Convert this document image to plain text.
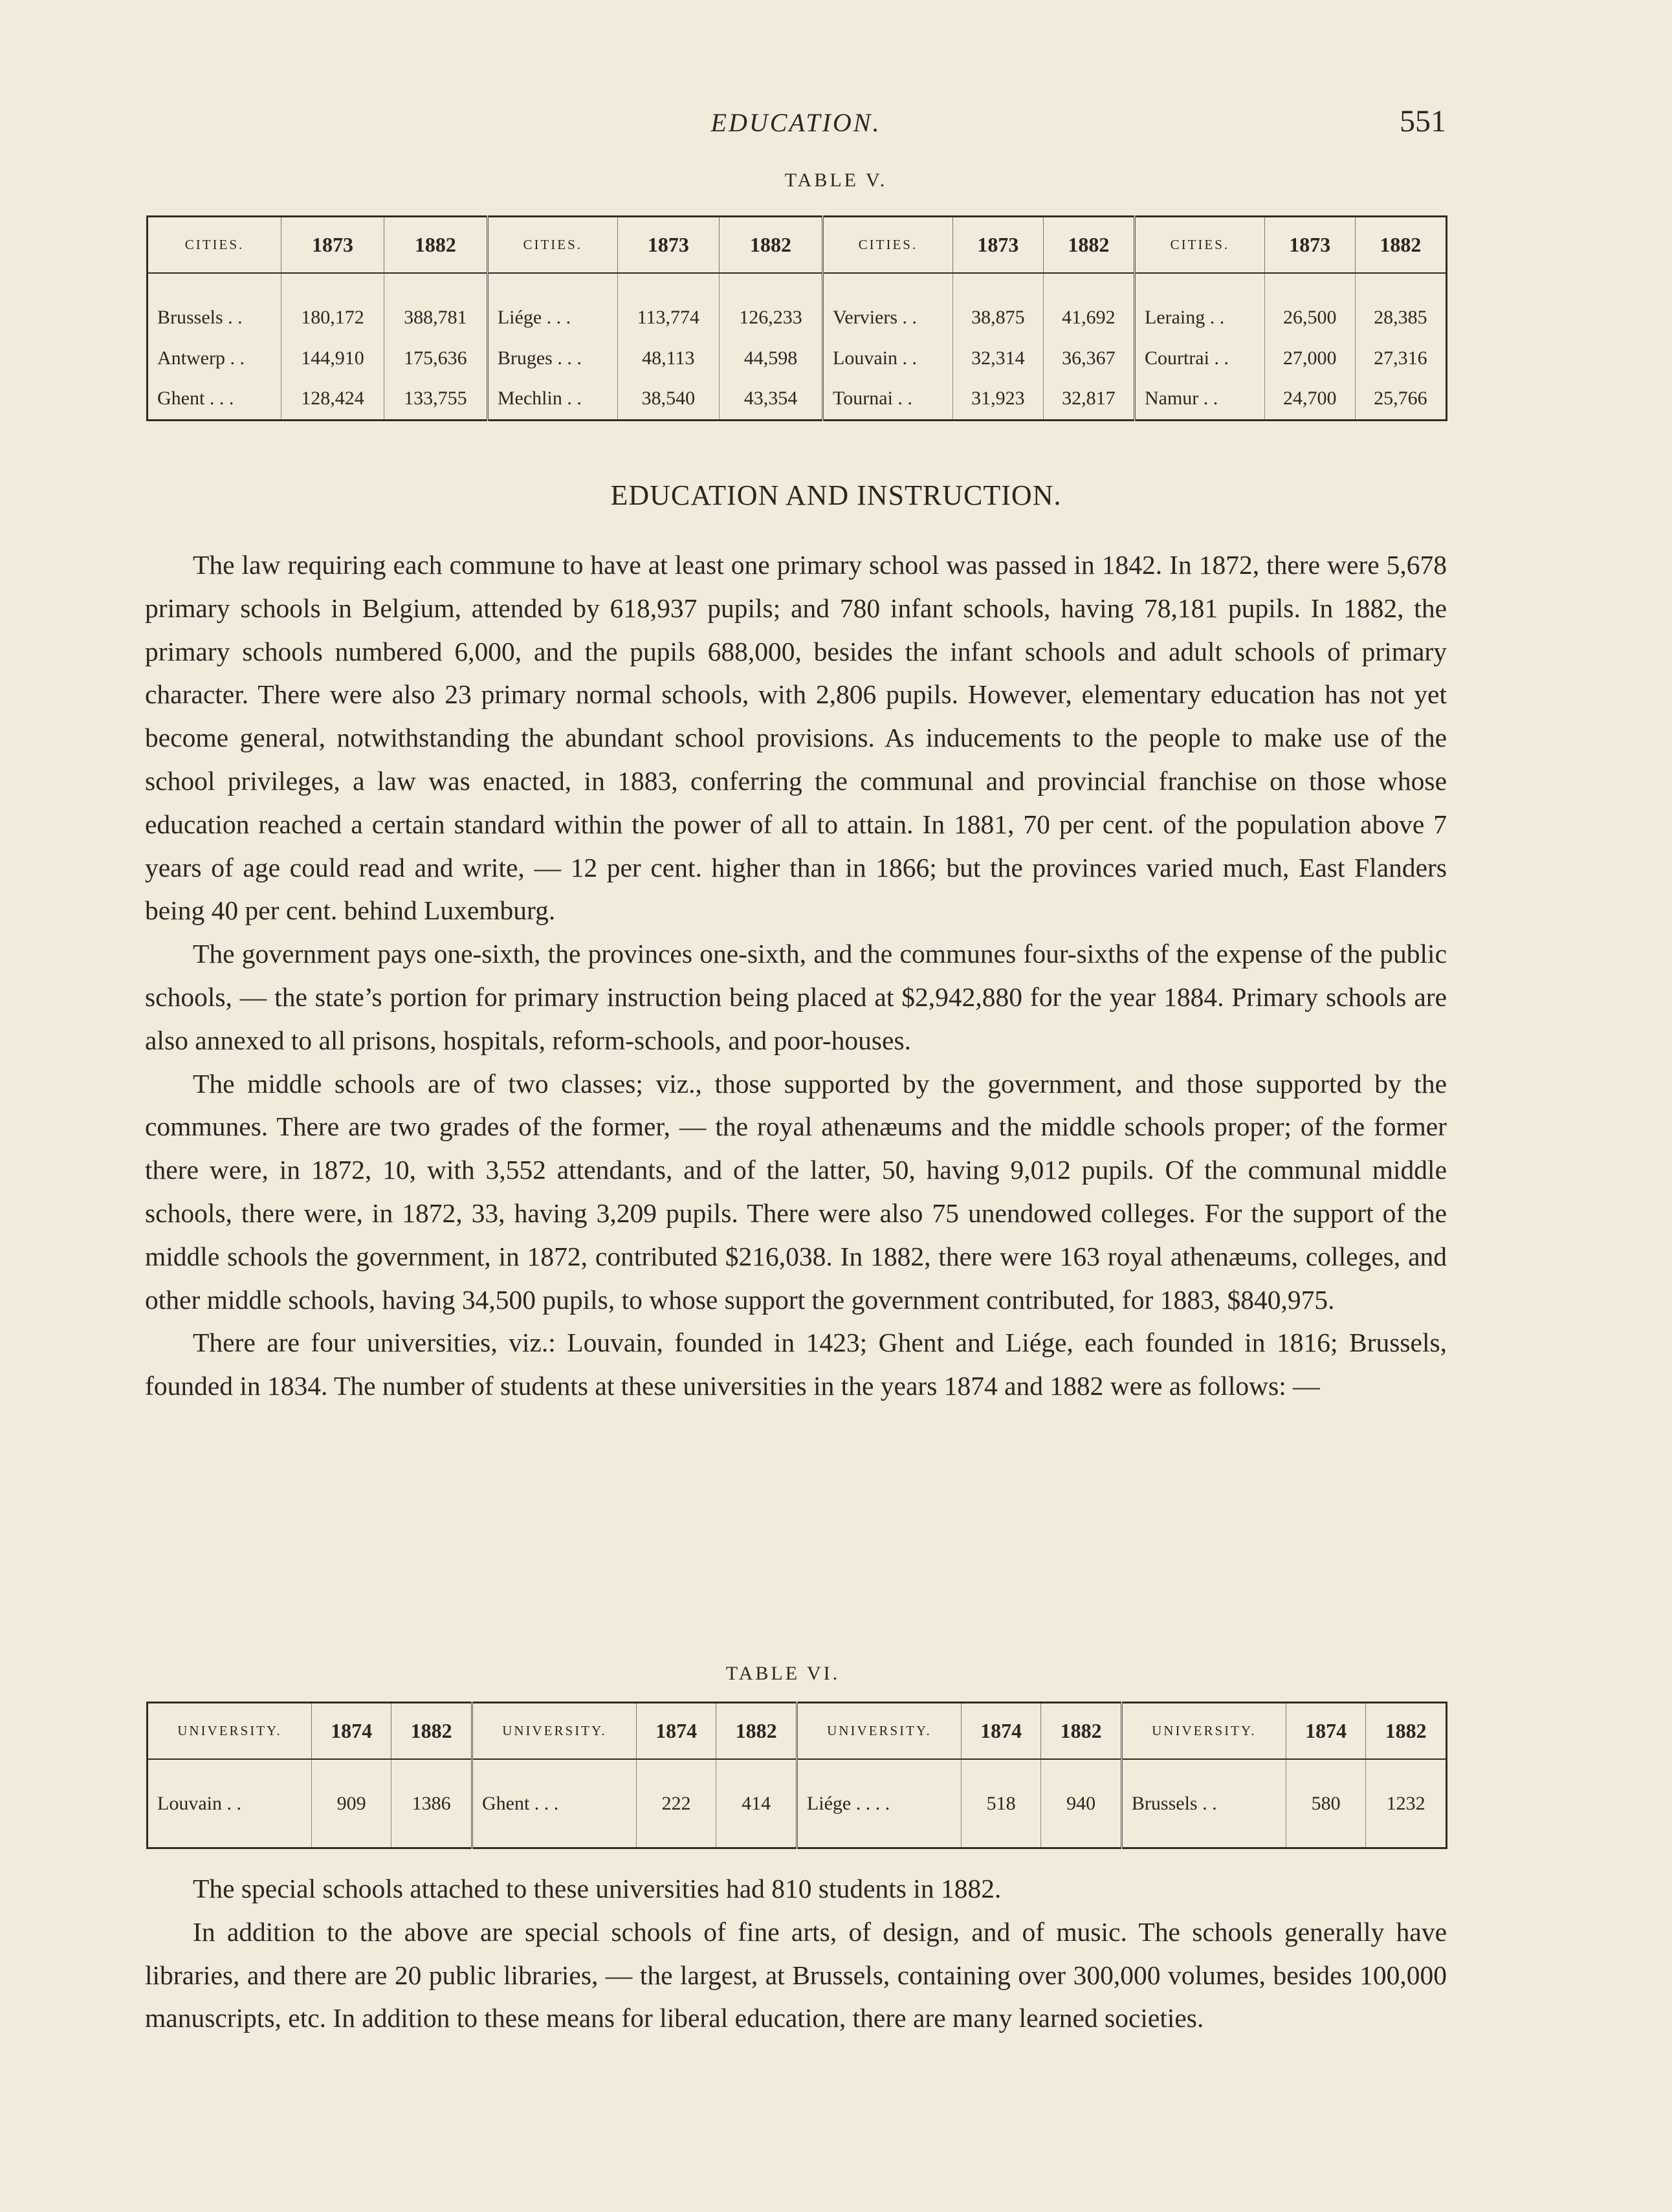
EDUCATION.	551
TABLE V.
CITIES.	1873	1882	CITIES.	1873	1882	CITIES.	1873	1882	CITIES.	1873	1882

Brussels . .	180,172	388,781	Liége . . .	113,774	126,233	Verviers . .	38,875	41,692	Leraing . .	26,500	28,385
Antwerp . .	144,910	175,636	Bruges . . .	48,113	44,598	Louvain . .	32,314	36,367	Courtrai . .	27,000	27,316
Ghent . . .	128,424	133,755	Mechlin . .	38,540	43,354	Tournai . .	31,923	32,817	Namur . .	24,700	25,766
EDUCATION AND INSTRUCTION.

The law requiring each commune to have at least one primary school was passed in 1842. In 1872, there were 5,678 primary schools in Belgium, attended by 618,937 pupils; and 780 infant schools, having 78,181 pupils. In 1882, the primary schools numbered 6,000, and the pupils 688,000, besides the infant schools and adult schools of primary character. There were also 23 primary normal schools, with 2,806 pupils. However, elementary education has not yet become general, notwithstanding the abundant school provisions. As inducements to the people to make use of the school privileges, a law was enacted, in 1883, conferring the communal and provincial franchise on those whose education reached a certain standard within the power of all to attain. In 1881, 70 per cent. of the population above 7 years of age could read and write, — 12 per cent. higher than in 1866; but the provinces varied much, East Flanders being 40 per cent. behind Luxemburg.

The government pays one-sixth, the provinces one-sixth, and the communes four-sixths of the expense of the public schools, — the state’s portion for primary instruction being placed at $2,942,880 for the year 1884. Primary schools are also annexed to all prisons, hospitals, reform-schools, and poor-houses.

The middle schools are of two classes; viz., those supported by the government, and those supported by the communes. There are two grades of the former, — the royal athenæums and the middle schools proper; of the former there were, in 1872, 10, with 3,552 attendants, and of the latter, 50, having 9,012 pupils. Of the communal middle schools, there were, in 1872, 33, having 3,209 pupils. There were also 75 unendowed colleges. For the support of the middle schools the government, in 1872, contributed $216,038. In 1882, there were 163 royal athenæums, colleges, and other middle schools, having 34,500 pupils, to whose support the government contributed, for 1883, $840,975.

There are four universities, viz.: Louvain, founded in 1423; Ghent and Liége, each founded in 1816; Brussels, founded in 1834. The number of students at these universities in the years 1874 and 1882 were as follows: —

TABLE VI.
UNIVERSITY.	1874	1882	UNIVERSITY.	1874	1882	UNIVERSITY.	1874	1882	UNIVERSITY.	1874	1882
Louvain . .	909	1386	Ghent . . .	222	414	Liége . . . .	518	940	Brussels . .	580	1232

The special schools attached to these universities had 810 students in 1882.

In addition to the above are special schools of fine arts, of design, and of music. The schools generally have libraries, and there are 20 public libraries, — the largest, at Brussels, containing over 300,000 volumes, besides 100,000 manuscripts, etc. In addition to these means for liberal education, there are many learned societies.
